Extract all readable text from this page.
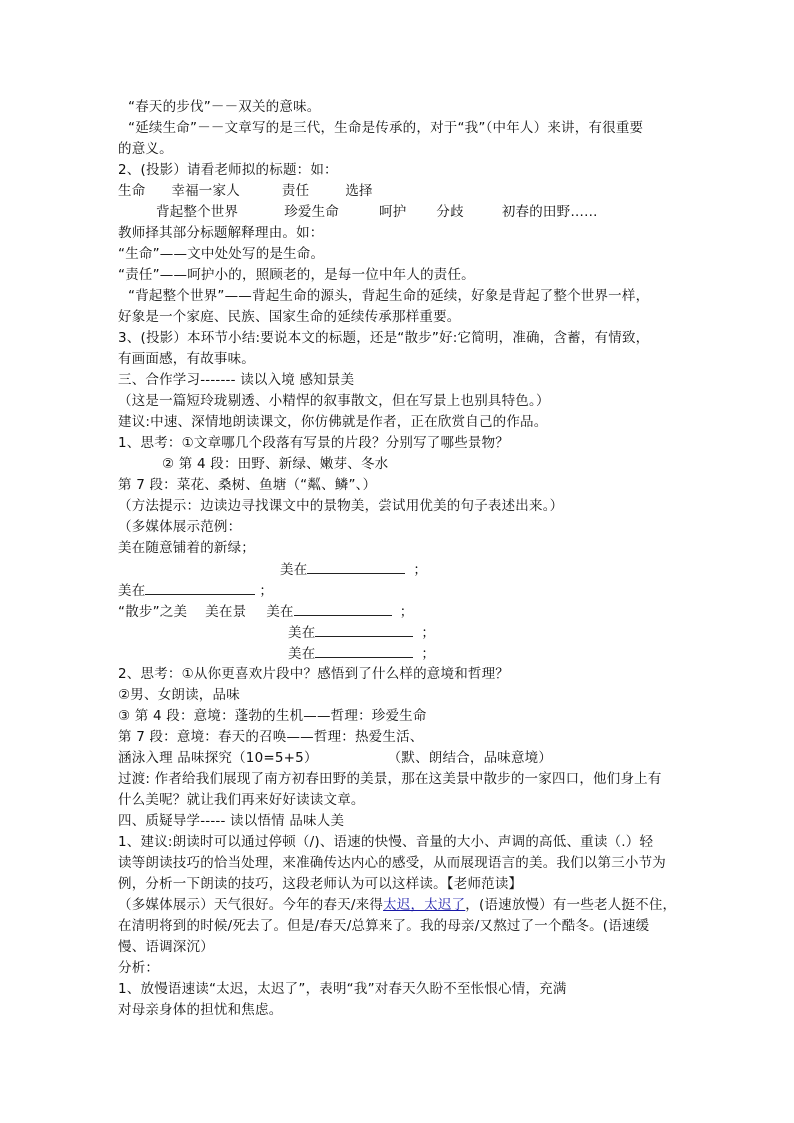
“春天的步伐”－－双关的意味。
“延续生命”－－文章写的是三代，生命是传承的，对于“我”（中年人）来讲，有很重要
的意义。
2、(投影）请看老师拟的标题：如：
生命 幸福一家人	责任	选择
背起整个世界	珍爱生命	呵护 分歧	初春的田野……
教师择其部分标题解释理由。如：
“生命”——文中处处写的是生命。
“责任”——呵护小的，照顾老的，是每一位中年人的责任。
“背起整个世界”——背起生命的源头，背起生命的延续，好象是背起了整个世界一样，
好象是一个家庭、民族、国家生命的延续传承那样重要。
3、(投影）本环节小结:要说本文的标题，还是“散步”好:它简明，准确，含蓄，有情致，
有画面感，有故事味。
三、合作学习------- 读以入境 感知景美
（这是一篇短玲珑剔透、小精悍的叙事散文，但在写景上也别具特色。）
建议:中速、深情地朗读课文，你仿佛就是作者，正在欣赏自己的作品。
1、思考：①文章哪几个段落有写景的片段？分别写了哪些景物？
② 第 4 段：田野、新绿、嫩芽、冬水
第 7 段：菜花、桑树、鱼塘（“粼、鳞”、）
（方法提示：边读边寻找课文中的景物美，尝试用优美的句子表述出来。）
（多媒体展示范例：
美在随意铺着的新绿；
美在	；
美在	；
“散步”之美 美在景 美在	；
美在	；
美在	；
2、思考：①从你更喜欢片段中？感悟到了什么样的意境和哲理？
②男、女朗读，品味
③ 第 4 段：意境：蓬勃的生机——哲理：珍爱生命
第 7 段：意境：春天的召唤——哲理：热爱生活、
涵泳入理 品味探究（10=5+5）	（默、朗结合，品味意境）
过渡: 作者给我们展现了南方初春田野的美景，那在这美景中散步的一家四口，他们身上有
什么美呢？就让我们再来好好读读文章。
四、质疑导学----- 读以悟情 品味人美
1、建议:朗读时可以通过停顿（/)、语速的快慢、音量的大小、声调的高低、重读（.）轻
读等朗读技巧的恰当处理，来准确传达内心的感受，从而展现语言的美。我们以第三小节为
例，分析一下朗读的技巧，这段老师认为可以这样读。【老师范读】
（多媒体展示）天气很好。今年的春天/来得太迟，太迟了，(语速放慢）有一些老人挺不住，
在清明将到的时候/死去了。但是/春天/总算来了。我的母亲/又熬过了一个酷冬。(语速缓
慢、语调深沉）
分析：
1、放慢语速读“太迟，太迟了”，表明“我”对春天久盼不至怅恨心情，充满
对母亲身体的担忧和焦虑。
